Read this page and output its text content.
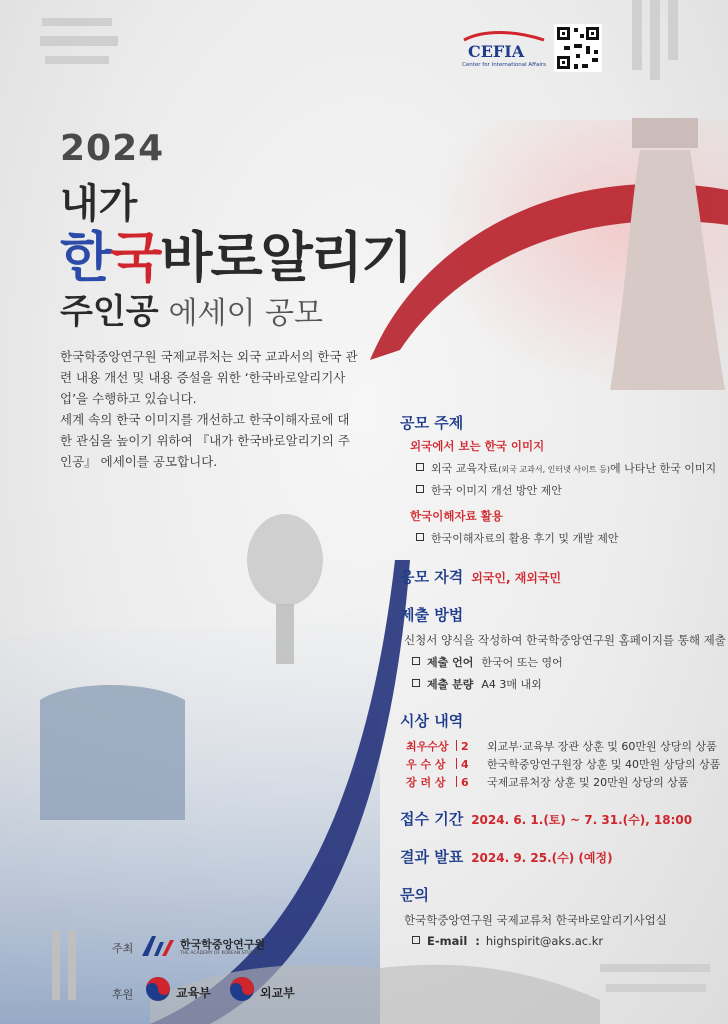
CEFIA
Center for International Affairs
2024
내가
한국바로알리기
주인공 에세이 공모

한국학중앙연구원 국제교류처는 외국 교과서의 한국 관련 내용 개선 및 내용 증설을 위한 ‘한국바로알리기사업’을 수행하고 있습니다.

세계 속의 한국 이미지를 개선하고 한국이해자료에 대한 관심을 높이기 위하여 『내가 한국바로알리기의 주인공』 에세이를 공모합니다.

공모 주제
외국에서 보는 한국 이미지
외국 교육자료(외국 교과서, 인터넷 사이트 등)에 나타난 한국 이미지
한국 이미지 개선 방안 제안
한국이해자료 활용
한국이해자료의 활용 후기 및 개발 제안
응모 자격 외국인, 재외국민
제출 방법
신청서 양식을 작성하여 한국학중앙연구원 홈페이지를 통해 제출
제출 언어 한국어 또는 영어
제출 분량 A4 3매 내외
시상 내역
최우수상 2 외교부·교육부 장관 상훈 및 60만원 상당의 상품
우 수 상 4 한국학중앙연구원장 상훈 및 40만원 상당의 상품
장 려 상 6 국제교류처장 상훈 및 20만원 상당의 상품
접수 기간 2024. 6. 1.(토) ~ 7. 31.(수), 18:00
결과 발표 2024. 9. 25.(수) (예정)
문의
한국학중앙연구원 국제교류처 한국바로알리기사업실
E-mail : highspirit@aks.ac.kr
주최	한국학중앙연구원
THE ACADEMY OF KOREAN STUDIES
후원	교육부	외교부
